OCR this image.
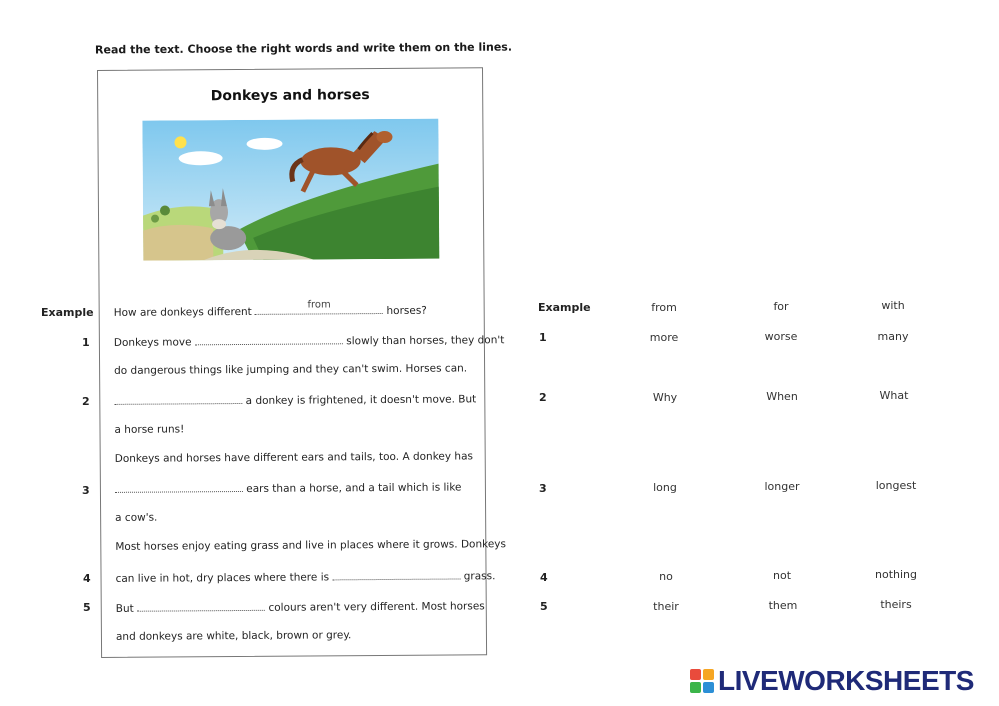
Read the text. Choose the right words and write them on the lines.
Example
1
2
3
4
5
Donkeys and horses
How are donkeys different
from	horses?
Donkeys move	slowly than horses, they don't
do dangerous things like jumping and they can't swim. Horses can.
a donkey is frightened, it doesn't move. But
a horse runs!
Donkeys and horses have different ears and tails, too. A donkey has
ears than a horse, and a tail which is like
a cow's.
Most horses enjoy eating grass and live in places where it grows. Donkeys
can live in hot, dry places where there is	grass.
But	colours aren't very different. Most horses
and donkeys are white, black, brown or grey.
Example	from	for	with
1	more	worse	many
2	Why	When	What
3	long	longer	longest
4	no	not	nothing
5	their	them	theirs
LIVEWORKSHEETS
